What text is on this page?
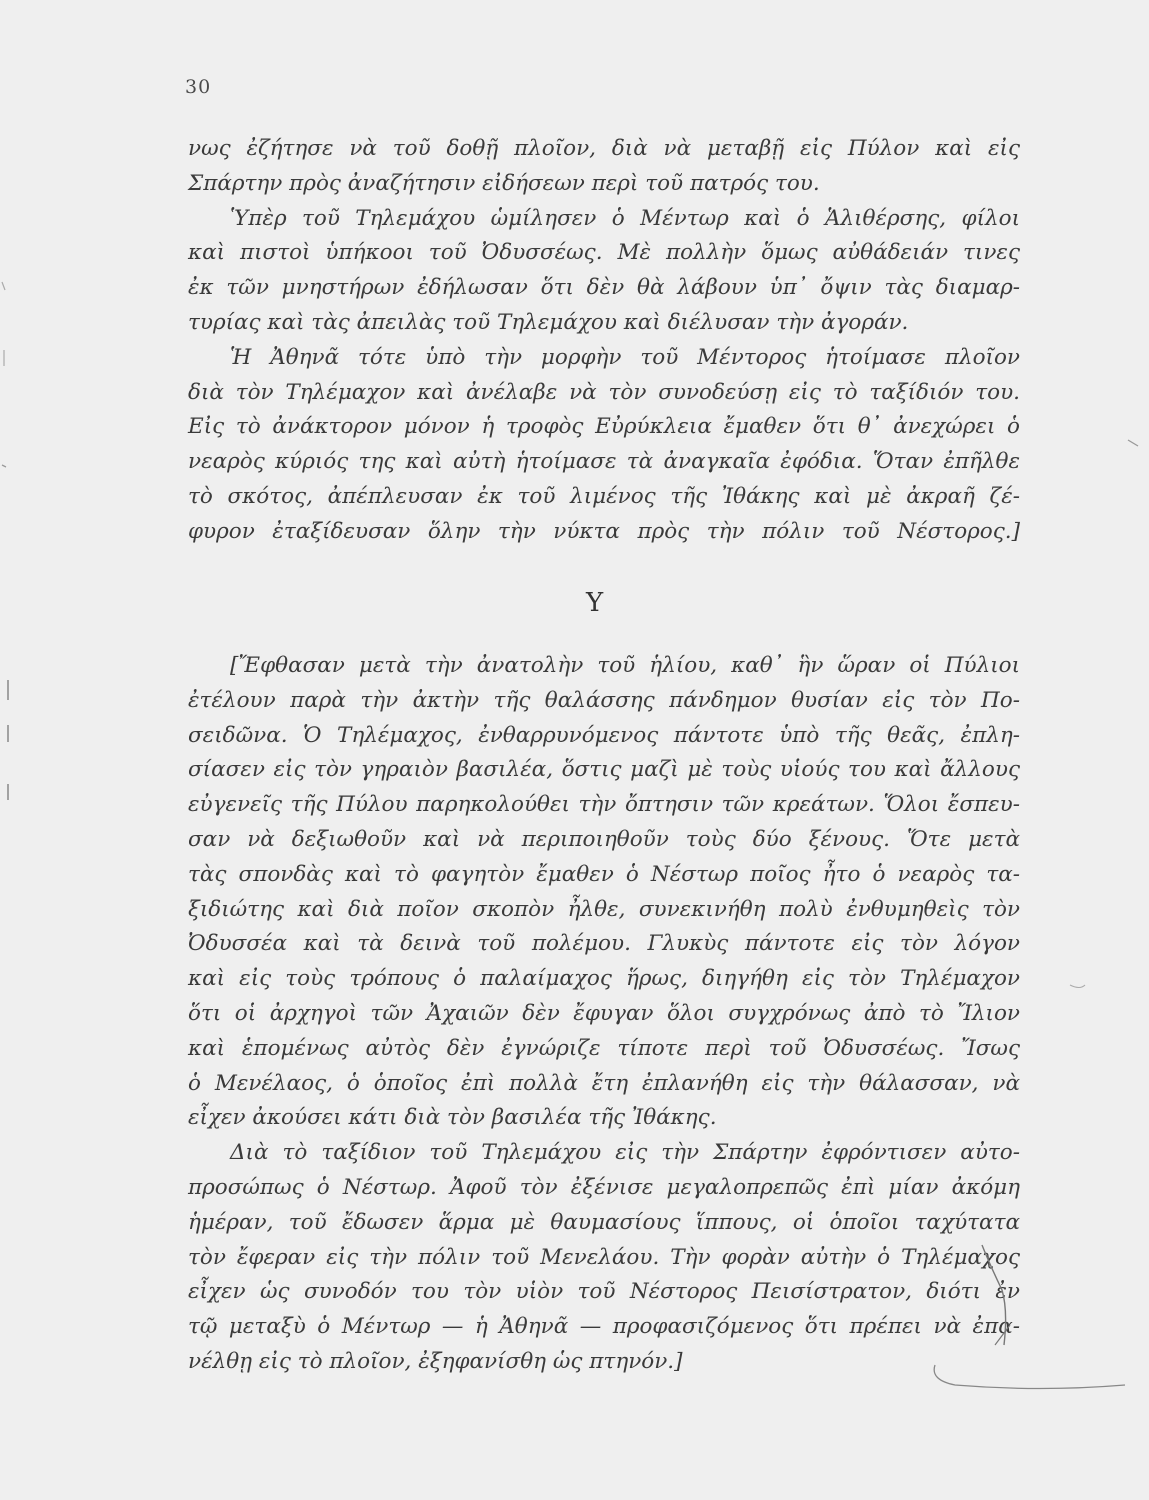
30
νως ἐζήτησε νὰ τοῦ δοθῇ πλοῖον, διὰ νὰ μεταβῇ εἰς Πύλον καὶ εἰς
Σπάρτην πρὸς ἀναζήτησιν εἰδήσεων περὶ τοῦ πατρός του.
Ὑπὲρ τοῦ Τηλεμάχου ὡμίλησεν ὁ Μέντωρ καὶ ὁ Ἁλιθέρσης, φίλοι
καὶ πιστοὶ ὑπήκοοι τοῦ Ὀδυσσέως. Μὲ πολλὴν ὅμως αὐθάδειάν τινες
ἐκ τῶν μνηστήρων ἐδήλωσαν ὅτι δὲν θὰ λάβουν ὑπ᾿ ὄψιν τὰς διαμαρ-
τυρίας καὶ τὰς ἀπειλὰς τοῦ Τηλεμάχου καὶ διέλυσαν τὴν ἀγοράν.
Ἡ Ἀθηνᾶ τότε ὑπὸ τὴν μορφὴν τοῦ Μέντορος ἡτοίμασε πλοῖον
διὰ τὸν Τηλέμαχον καὶ ἀνέλαβε νὰ τὸν συνοδεύσῃ εἰς τὸ ταξίδιόν του.
Εἰς τὸ ἀνάκτορον μόνον ἡ τροφὸς Εὐρύκλεια ἔμαθεν ὅτι θ᾿ ἀνεχώρει ὁ
νεαρὸς κύριός της καὶ αὐτὴ ἡτοίμασε τὰ ἀναγκαῖα ἐφόδια. Ὅταν ἐπῆλθε
τὸ σκότος, ἀπέπλευσαν ἐκ τοῦ λιμένος τῆς Ἰθάκης καὶ μὲ ἀκραῆ ζέ-
φυρον ἐταξίδευσαν ὅλην τὴν νύκτα πρὸς τὴν πόλιν τοῦ Νέστορος.]
Υ
[Ἔφθασαν μετὰ τὴν ἀνατολὴν τοῦ ἡλίου, καθ᾿ ἣν ὥραν οἱ Πύλιοι
ἐτέλουν παρὰ τὴν ἀκτὴν τῆς θαλάσσης πάνδημον θυσίαν εἰς τὸν Πο-
σειδῶνα. Ὁ Τηλέμαχος, ἐνθαρρυνόμενος πάντοτε ὑπὸ τῆς θεᾶς, ἐπλη-
σίασεν εἰς τὸν γηραιὸν βασιλέα, ὅστις μαζὶ μὲ τοὺς υἱούς του καὶ ἄλλους
εὐγενεῖς τῆς Πύλου παρηκολούθει τὴν ὄπτησιν τῶν κρεάτων. Ὅλοι ἔσπευ-
σαν νὰ δεξιωθοῦν καὶ νὰ περιποιηθοῦν τοὺς δύο ξένους. Ὅτε μετὰ
τὰς σπονδὰς καὶ τὸ φαγητὸν ἔμαθεν ὁ Νέστωρ ποῖος ἦτο ὁ νεαρὸς τα-
ξιδιώτης καὶ διὰ ποῖον σκοπὸν ἦλθε, συνεκινήθη πολὺ ἐνθυμηθεὶς τὸν
Ὀδυσσέα καὶ τὰ δεινὰ τοῦ πολέμου. Γλυκὺς πάντοτε εἰς τὸν λόγον
καὶ εἰς τοὺς τρόπους ὁ παλαίμαχος ἥρως, διηγήθη εἰς τὸν Τηλέμαχον
ὅτι οἱ ἀρχηγοὶ τῶν Ἀχαιῶν δὲν ἔφυγαν ὅλοι συγχρόνως ἀπὸ τὸ Ἴλιον
καὶ ἑπομένως αὐτὸς δὲν ἐγνώριζε τίποτε περὶ τοῦ Ὀδυσσέως. Ἴσως
ὁ Μενέλαος, ὁ ὁποῖος ἐπὶ πολλὰ ἔτη ἐπλανήθη εἰς τὴν θάλασσαν, νὰ
εἶχεν ἀκούσει κάτι διὰ τὸν βασιλέα τῆς Ἰθάκης.
Διὰ τὸ ταξίδιον τοῦ Τηλεμάχου εἰς τὴν Σπάρτην ἐφρόντισεν αὐτο-
προσώπως ὁ Νέστωρ. Ἀφοῦ τὸν ἐξένισε μεγαλοπρεπῶς ἐπὶ μίαν ἀκόμη
ἡμέραν, τοῦ ἔδωσεν ἅρμα μὲ θαυμασίους ἵππους, οἱ ὁποῖοι ταχύτατα
τὸν ἔφεραν εἰς τὴν πόλιν τοῦ Μενελάου. Τὴν φορὰν αὐτὴν ὁ Τηλέμαχος
εἶχεν ὡς συνοδόν του τὸν υἱὸν τοῦ Νέστορος Πεισίστρατον, διότι ἐν
τῷ μεταξὺ ὁ Μέντωρ — ἡ Ἀθηνᾶ — προφασιζόμενος ὅτι πρέπει νὰ ἐπα-
νέλθῃ εἰς τὸ πλοῖον, ἐξηφανίσθη ὡς πτηνόν.]
